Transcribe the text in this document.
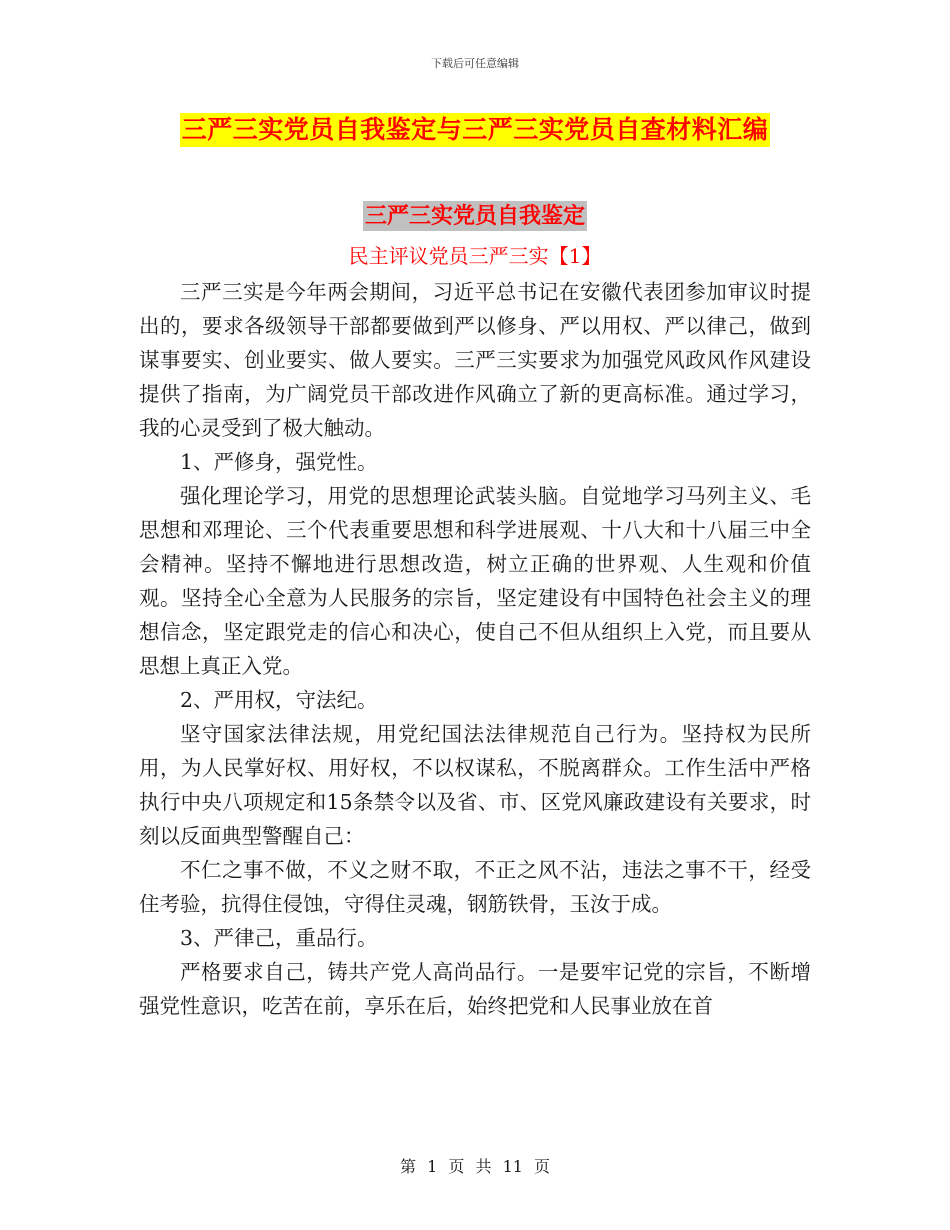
下载后可任意编辑
三严三实党员自我鉴定与三严三实党员自查材料汇编
三严三实党员自我鉴定
民主评议党员三严三实【1】

三严三实是今年两会期间，习近平总书记在安徽代表团参加审议时提出的，要求各级领导干部都要做到严以修身、严以用权、严以律己，做到谋事要实、创业要实、做人要实。三严三实要求为加强党风政风作风建设提供了指南，为广阔党员干部改进作风确立了新的更高标准。通过学习，我的心灵受到了极大触动。

1、严修身，强党性。

强化理论学习，用党的思想理论武装头脑。自觉地学习马列主义、毛思想和邓理论、三个代表重要思想和科学进展观、十八大和十八届三中全会精神。坚持不懈地进行思想改造，树立正确的世界观、人生观和价值观。坚持全心全意为人民服务的宗旨，坚定建设有中国特色社会主义的理想信念，坚定跟党走的信心和决心，使自己不但从组织上入党，而且要从思想上真正入党。

2、严用权，守法纪。

坚守国家法律法规，用党纪国法法律规范自己行为。坚持权为民所用，为人民掌好权、用好权，不以权谋私，不脱离群众。工作生活中严格执行中央八项规定和15条禁令以及省、市、区党风廉政建设有关要求，时刻以反面典型警醒自己：

不仁之事不做，不义之财不取，不正之风不沾，违法之事不干，经受住考验，抗得住侵蚀，守得住灵魂，钢筋铁骨，玉汝于成。

3、严律己，重品行。

严格要求自己，铸共产党人高尚品行。一是要牢记党的宗旨，不断增强党性意识，吃苦在前，享乐在后，始终把党和人民事业放在首

第 1 页 共 11 页
